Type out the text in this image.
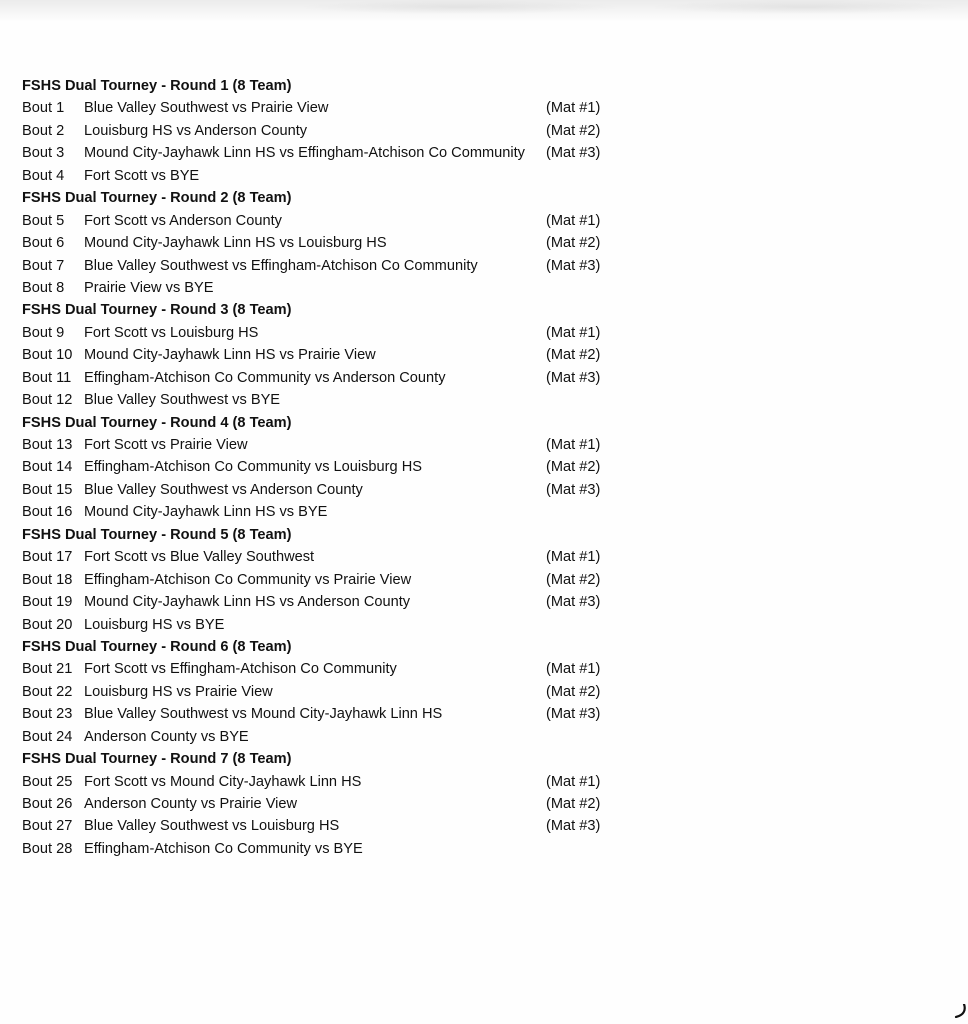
FSHS Dual Tourney - Round 1 (8 Team)
Bout 1 Blue Valley Southwest vs Prairie View	(Mat #1)
Bout 2 Louisburg HS vs Anderson County	(Mat #2)
Bout 3 Mound City-Jayhawk Linn HS vs Effingham-Atchison Co Community (Mat #3)
Bout 4 Fort Scott vs BYE
FSHS Dual Tourney - Round 2 (8 Team)
Bout 5 Fort Scott vs Anderson County	(Mat #1)
Bout 6 Mound City-Jayhawk Linn HS vs Louisburg HS	(Mat #2)
Bout 7 Blue Valley Southwest vs Effingham-Atchison Co Community	(Mat #3)
Bout 8 Prairie View vs BYE
FSHS Dual Tourney - Round 3 (8 Team)
Bout 9 Fort Scott vs Louisburg HS	(Mat #1)
Bout 10 Mound City-Jayhawk Linn HS vs Prairie View	(Mat #2)
Bout 11 Effingham-Atchison Co Community vs Anderson County	(Mat #3)
Bout 12 Blue Valley Southwest vs BYE
FSHS Dual Tourney - Round 4 (8 Team)
Bout 13 Fort Scott vs Prairie View	(Mat #1)
Bout 14 Effingham-Atchison Co Community vs Louisburg HS	(Mat #2)
Bout 15 Blue Valley Southwest vs Anderson County	(Mat #3)
Bout 16 Mound City-Jayhawk Linn HS vs BYE
FSHS Dual Tourney - Round 5 (8 Team)
Bout 17 Fort Scott vs Blue Valley Southwest	(Mat #1)
Bout 18 Effingham-Atchison Co Community vs Prairie View	(Mat #2)
Bout 19 Mound City-Jayhawk Linn HS vs Anderson County	(Mat #3)
Bout 20 Louisburg HS vs BYE
FSHS Dual Tourney - Round 6 (8 Team)
Bout 21 Fort Scott vs Effingham-Atchison Co Community	(Mat #1)
Bout 22 Louisburg HS vs Prairie View	(Mat #2)
Bout 23 Blue Valley Southwest vs Mound City-Jayhawk Linn HS	(Mat #3)
Bout 24 Anderson County vs BYE
FSHS Dual Tourney - Round 7 (8 Team)
Bout 25 Fort Scott vs Mound City-Jayhawk Linn HS	(Mat #1)
Bout 26 Anderson County vs Prairie View	(Mat #2)
Bout 27 Blue Valley Southwest vs Louisburg HS	(Mat #3)
Bout 28 Effingham-Atchison Co Community vs BYE
